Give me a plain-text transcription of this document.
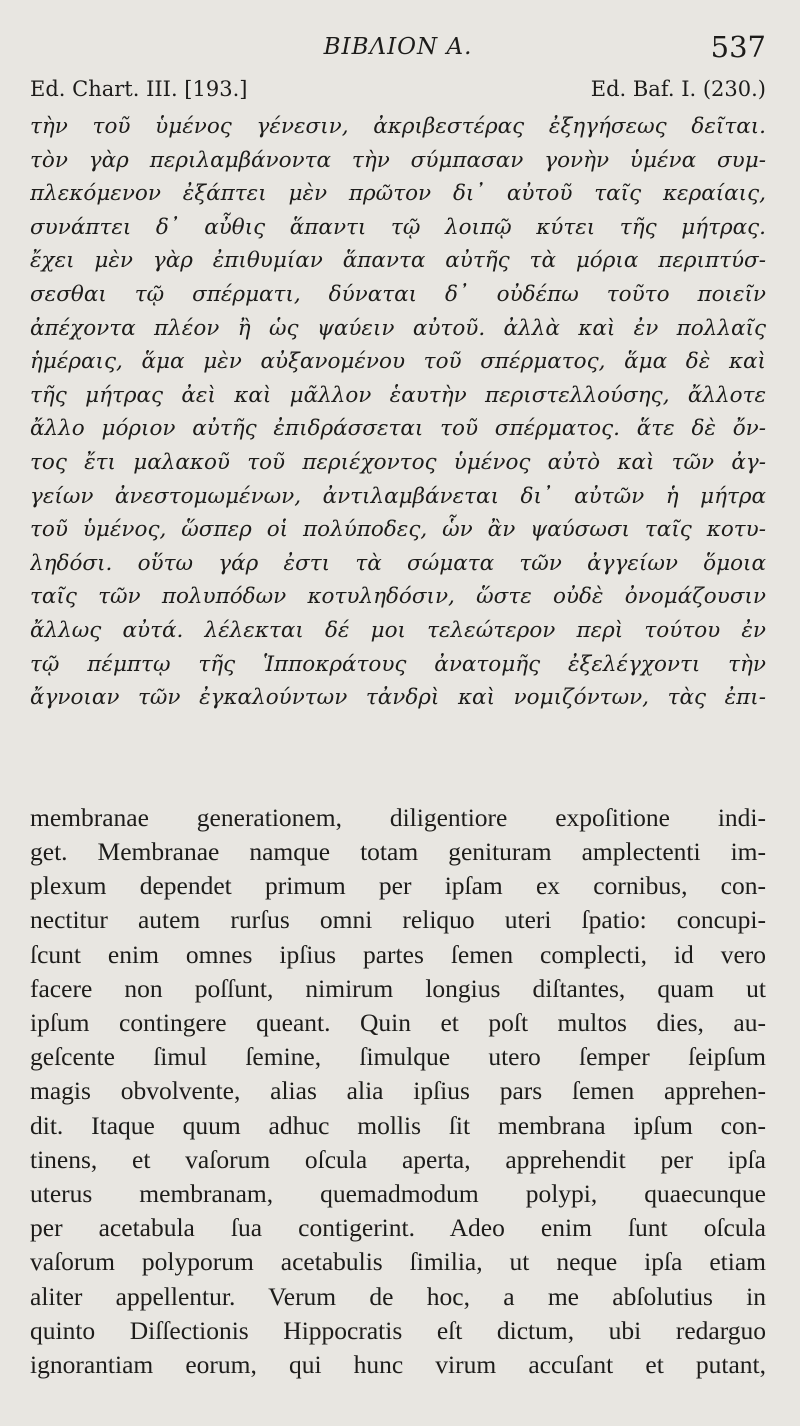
BIBΛION A.	537
Ed. Chart. III. [193.]	Ed. Baf. I. (230.)
τὴν τοῦ ὑμένος γένεσιν, ἀκριβεστέρας ἐξηγήσεως δεῖται.
τὸν γὰρ περιλαμβάνοντα τὴν σύμπασαν γονὴν ὑμένα συμ-
πλεκόμενον ἐξάπτει μὲν πρῶτον δι᾽ αὐτοῦ ταῖς κεραίαις,
συνάπτει δ᾽ αὖθις ἅπαντι τῷ λοιπῷ κύτει τῆς μήτρας.
ἔχει μὲν γὰρ ἐπιθυμίαν ἅπαντα αὐτῆς τὰ μόρια περιπτύσ-
σεσθαι τῷ σπέρματι, δύναται δ᾽ οὐδέπω τοῦτο ποιεῖν
ἀπέχοντα πλέον ἢ ὡς ψαύειν αὐτοῦ. ἀλλὰ καὶ ἐν πολλαῖς
ἡμέραις, ἅμα μὲν αὐξανομένου τοῦ σπέρματος, ἅμα δὲ καὶ
τῆς μήτρας ἀεὶ καὶ μᾶλλον ἑαυτὴν περιστελλούσης, ἄλλοτε
ἄλλο μόριον αὐτῆς ἐπιδράσσεται τοῦ σπέρματος. ἅτε δὲ ὄν-
τος ἔτι μαλακοῦ τοῦ περιέχοντος ὑμένος αὐτὸ καὶ τῶν ἀγ-
γείων ἀνεστομωμένων, ἀντιλαμβάνεται δι᾽ αὐτῶν ἡ μήτρα
τοῦ ὑμένος, ὥσπερ οἱ πολύποδες, ὧν ἂν ψαύσωσι ταῖς κοτυ-
ληδόσι. οὕτω γάρ ἐστι τὰ σώματα τῶν ἀγγείων ὅμοια
ταῖς τῶν πολυπόδων κοτυληδόσιν, ὥστε οὐδὲ ὀνομάζουσιν
ἄλλως αὐτά. λέλεκται δέ μοι τελεώτερον περὶ τούτου ἐν
τῷ πέμπτῳ τῆς Ἱπποκράτους ἀνατομῆς ἐξελέγχοντι τὴν
ἄγνοιαν τῶν ἐγκαλούντων τἀνδρὶ καὶ νομιζόντων, τὰς ἐπι-
membranae generationem, diligentiore expoſitione indi-
get. Membranae namque totam genituram amplectenti im-
plexum dependet primum per ipſam ex cornibus, con-
nectitur autem rurſus omni reliquo uteri ſpatio: concupi-
ſcunt enim omnes ipſius partes ſemen complecti, id vero
facere non poſſunt, nimirum longius diſtantes, quam ut
ipſum contingere queant. Quin et poſt multos dies, au-
geſcente ſimul ſemine, ſimulque utero ſemper ſeipſum
magis obvolvente, alias alia ipſius pars ſemen apprehen-
dit. Itaque quum adhuc mollis ſit membrana ipſum con-
tinens, et vaſorum oſcula aperta, apprehendit per ipſa
uterus membranam, quemadmodum polypi, quaecunque
per acetabula ſua contigerint. Adeo enim ſunt oſcula
vaſorum polyporum acetabulis ſimilia, ut neque ipſa etiam
aliter appellentur. Verum de hoc, a me abſolutius in
quinto Diſſectionis Hippocratis eſt dictum, ubi redarguo
ignorantiam eorum, qui hunc virum accuſant et putant,
